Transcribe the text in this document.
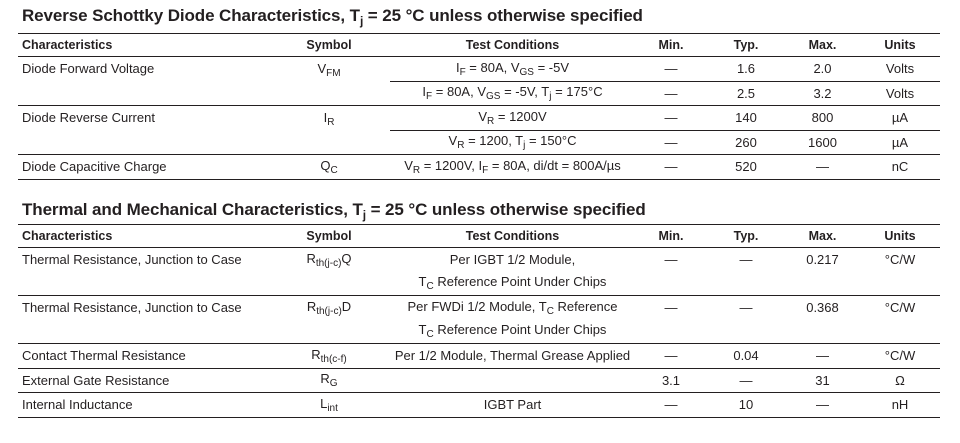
Reverse Schottky Diode Characteristics, $T_j = 25$ °C unless otherwise specified
Characteristics	Symbol	Test Conditions	Min.	Typ.	Max.	Units
Diode Forward Voltage	$V_{FM}$	$I_F = 80A$, $V_{GS} = -5V$	—	1.6	2.0	Volts
		$I_F = 80A$, $V_{GS} = -5V$, $T_j = 175^\circ C$	—	2.5	3.2	Volts
Diode Reverse Current	$I_R$	$V_R = 1200V$	—	140	800	µA
		$V_R = 1200$, $T_j = 150^\circ C$	—	260	1600	µA
Diode Capacitive Charge	$Q_C$	$V_R = 1200V$, $I_F = 80A$, di/dt = 800A/µs	—	520	—	nC
Thermal and Mechanical Characteristics, $T_j = 25$ °C unless otherwise specified
Characteristics	Symbol	Test Conditions	Min.	Typ.	Max.	Units
Thermal Resistance, Junction to Case	$R_{th(j-c)}Q$	Per IGBT 1/2 Module,	—	—	0.217	°C/W
		$T_C$ Reference Point Under Chips				
Thermal Resistance, Junction to Case	$R_{th(j-c)}D$	Per FWDi 1/2 Module, $T_C$ Reference	—	—	0.368	°C/W
		$T_C$ Reference Point Under Chips				
Contact Thermal Resistance	$R_{th(c-f)}$	Per 1/2 Module, Thermal Grease Applied	—	0.04	—	°C/W
External Gate Resistance	$R_G$		3.1	—	31	Ω
Internal Inductance	$L_{int}$	IGBT Part	—	10	—	nH
